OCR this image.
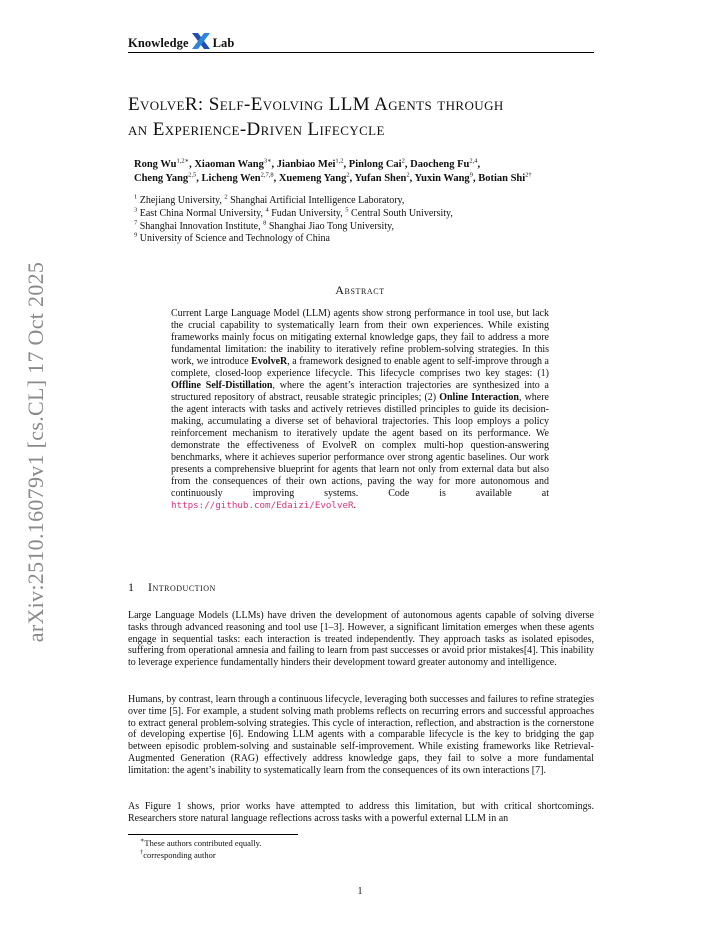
arXiv:2510.16079v1 [cs.CL] 17 Oct 2025
Knowledge Lab
EvolveR: Self-Evolving LLM Agents through
an Experience-Driven Lifecycle
Rong $Wu^{1,2∗}$, Xiaoman Wang$^{3∗}$, Jianbiao Mei$^{1,2}$, Pinlong Cai$^2$, Daocheng Fu$^{2,4}$,
Cheng Yang$^{2,5}$, Licheng Wen$^{2,7,8}$, Xuemeng Yang$^2$, Yufan Shen$^2$, Yuxin Wang$^9$, Botian Shi$^{2\dagger}$
$^1$ Zhejiang University, $^2$ Shanghai Artificial Intelligence Laboratory,
$^3$ East China Normal University, $^4$ Fudan University, $^5$ Central South University,
$^7$ Shanghai Innovation Institute, $^8$ Shanghai Jiao Tong University,
$^9$ University of Science and Technology of China
Abstract
Current Large Language Model (LLM) agents show strong performance in tool use, but lack the crucial capability to systematically learn from their own experiences. While existing frameworks mainly focus on mitigating external knowledge gaps, they fail to address a more fundamental limitation: the inability to iteratively refine problem-solving strategies. In this work, we introduce EvolveR, a framework designed to enable agent to self-improve through a complete, closed-loop experience lifecycle. This lifecycle comprises two key stages: (1) Offline Self-Distillation, where the agent’s interaction trajectories are synthesized into a structured repository of abstract, reusable strategic principles; (2) Online Interaction, where the agent interacts with tasks and actively retrieves distilled principles to guide its decision-making, accumulating a diverse set of behavioral trajectories. This loop employs a policy reinforcement mechanism to iteratively update the agent based on its performance. We demonstrate the effectiveness of EvolveR on complex multi-hop question-answering benchmarks, where it achieves superior performance over strong agentic baselines. Our work presents a comprehensive blueprint for agents that learn not only from external data but also from the consequences of their own actions, paving the way for more autonomous and continuously improving systems. Code is available at https://github.com/Edaizi/EvolveR.
1 Introduction

Large Language Models (LLMs) have driven the development of autonomous agents capable of solving diverse tasks through advanced reasoning and tool use [1–3]. However, a significant limitation emerges when these agents engage in sequential tasks: each interaction is treated independently. They approach tasks as isolated episodes, suffering from operational amnesia and failing to learn from past successes or avoid prior mistakes[4]. This inability to leverage experience fundamentally hinders their development toward greater autonomy and intelligence.

Humans, by contrast, learn through a continuous lifecycle, leveraging both successes and failures to refine strategies over time [5]. For example, a student solving math problems reflects on recurring errors and successful approaches to extract general problem-solving strategies. This cycle of interaction, reflection, and abstraction is the cornerstone of developing expertise [6]. Endowing LLM agents with a comparable lifecycle is the key to bridging the gap between episodic problem-solving and sustainable self-improvement. While existing frameworks like Retrieval-Augmented Generation (RAG) effectively address knowledge gaps, they fail to solve a more fundamental limitation: the agent’s inability to systematically learn from the consequences of its own interactions [7].

As Figure 1 shows, prior works have attempted to address this limitation, but with critical shortcomings. Researchers store natural language reflections across tasks with a powerful external LLM in an

∗These authors contributed equally.
†corresponding author
1
